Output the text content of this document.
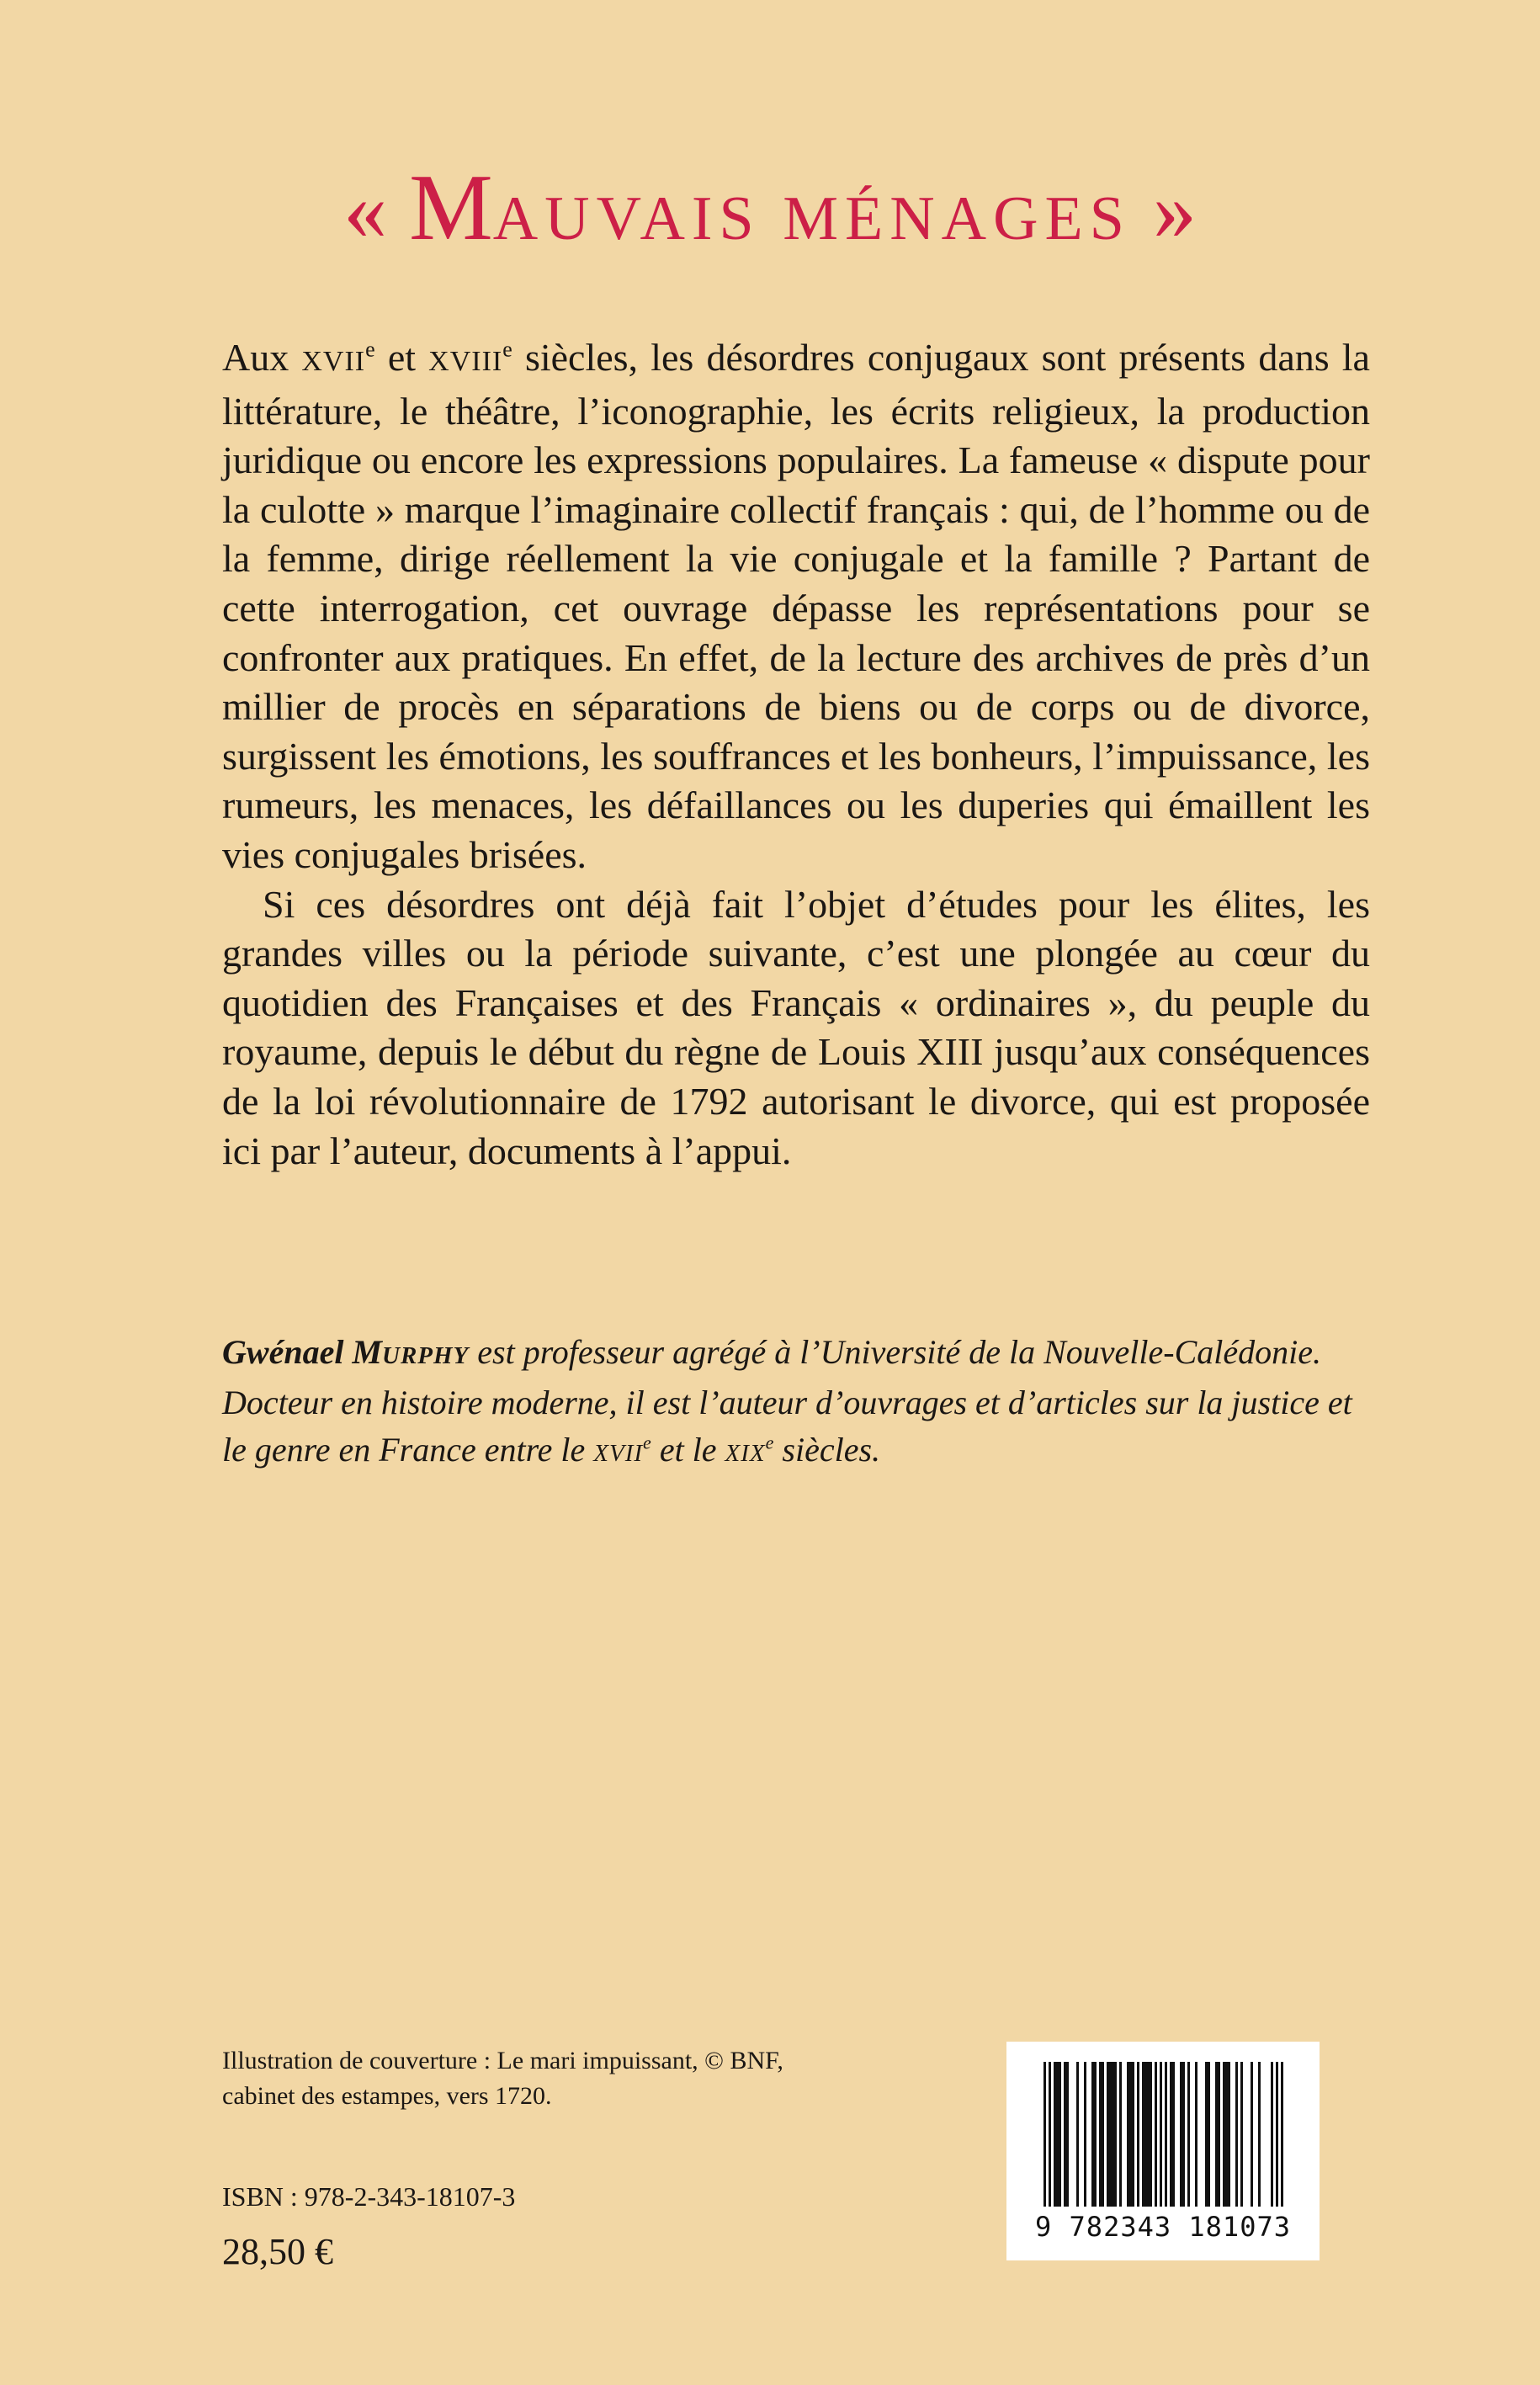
« MAUVAIS MÉNAGES »

Aux XVIIe et XVIIIe siècles, les désordres conjugaux sont présents dans la littérature, le théâtre, l’iconographie, les écrits religieux, la production juridique ou encore les expressions populaires. La fameuse « dispute pour la culotte » marque l’imaginaire collectif français : qui, de l’homme ou de la femme, dirige réellement la vie conjugale et la famille ? Partant de cette interrogation, cet ouvrage dépasse les représentations pour se confronter aux pratiques. En effet, de la lecture des archives de près d’un millier de procès en séparations de biens ou de corps ou de divorce, surgissent les émotions, les souffrances et les bonheurs, l’impuissance, les rumeurs, les menaces, les défaillances ou les duperies qui émaillent les vies conjugales brisées.

Si ces désordres ont déjà fait l’objet d’études pour les élites, les grandes villes ou la période suivante, c’est une plongée au cœur du quotidien des Françaises et des Français « ordinaires », du peuple du royaume, depuis le début du règne de Louis XIII jusqu’aux conséquences de la loi révolutionnaire de 1792 autorisant le divorce, qui est proposée ici par l’auteur, documents à l’appui.

Gwénael MURPHY est professeur agrégé à l’Université de la Nouvelle-Calédonie.
Docteur en histoire moderne, il est l’auteur d’ouvrages et d’articles sur la justice et
le genre en France entre le XVIIe et le XIXe siècles.
Illustration de couverture : Le mari impuissant, © BNF,
cabinet des estampes, vers 1720.
ISBN : 978-2-343-18107-3
28,50 €
9 782343 181073
